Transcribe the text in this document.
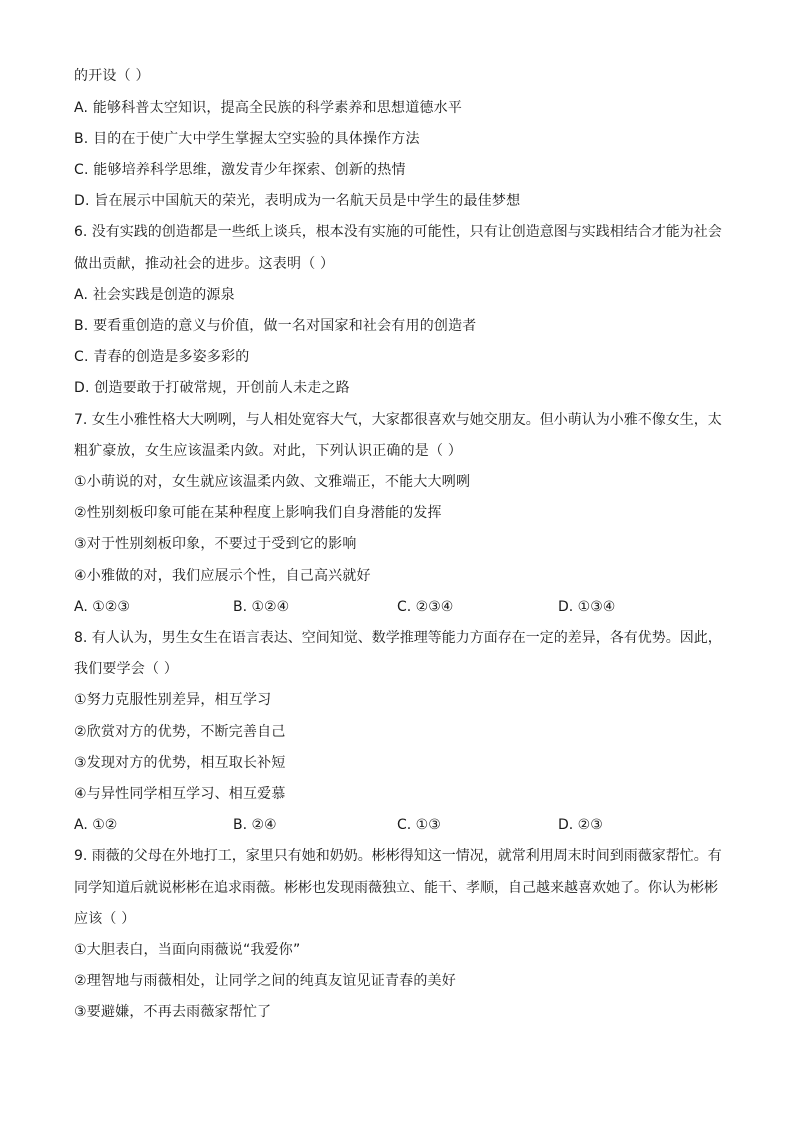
的开设（ ）
A. 能够科普太空知识，提高全民族的科学素养和思想道德水平
B. 目的在于使广大中学生掌握太空实验的具体操作方法
C. 能够培养科学思维，激发青少年探索、创新的热情
D. 旨在展示中国航天的荣光，表明成为一名航天员是中学生的最佳梦想
6. 没有实践的创造都是一些纸上谈兵，根本没有实施的可能性，只有让创造意图与实践相结合才能为社会
做出贡献，推动社会的进步。这表明（ ）
A. 社会实践是创造的源泉
B. 要看重创造的意义与价值，做一名对国家和社会有用的创造者
C. 青春的创造是多姿多彩的
D. 创造要敢于打破常规，开创前人未走之路
7. 女生小雅性格大大咧咧，与人相处宽容大气，大家都很喜欢与她交朋友。但小萌认为小雅不像女生，太
粗犷豪放，女生应该温柔内敛。对此，下列认识正确的是（ ）
①小萌说的对，女生就应该温柔内敛、文雅端正，不能大大咧咧
②性别刻板印象可能在某种程度上影响我们自身潜能的发挥
③对于性别刻板印象，不要过于受到它的影响
④小雅做的对，我们应展示个性，自己高兴就好
A. ①②③	B. ①②④	C. ②③④	D. ①③④
8. 有人认为，男生女生在语言表达、空间知觉、数学推理等能力方面存在一定的差异，各有优势。因此，
我们要学会（ ）
①努力克服性别差异，相互学习
②欣赏对方的优势，不断完善自己
③发现对方的优势，相互取长补短
④与异性同学相互学习、相互爱慕
A. ①②	B. ②④	C. ①③	D. ②③
9. 雨薇的父母在外地打工，家里只有她和奶奶。彬彬得知这一情况，就常利用周末时间到雨薇家帮忙。有
同学知道后就说彬彬在追求雨薇。彬彬也发现雨薇独立、能干、孝顺，自己越来越喜欢她了。你认为彬彬
应该（ ）
①大胆表白，当面向雨薇说“我爱你”
②理智地与雨薇相处，让同学之间的纯真友谊见证青春的美好
③要避嫌，不再去雨薇家帮忙了
